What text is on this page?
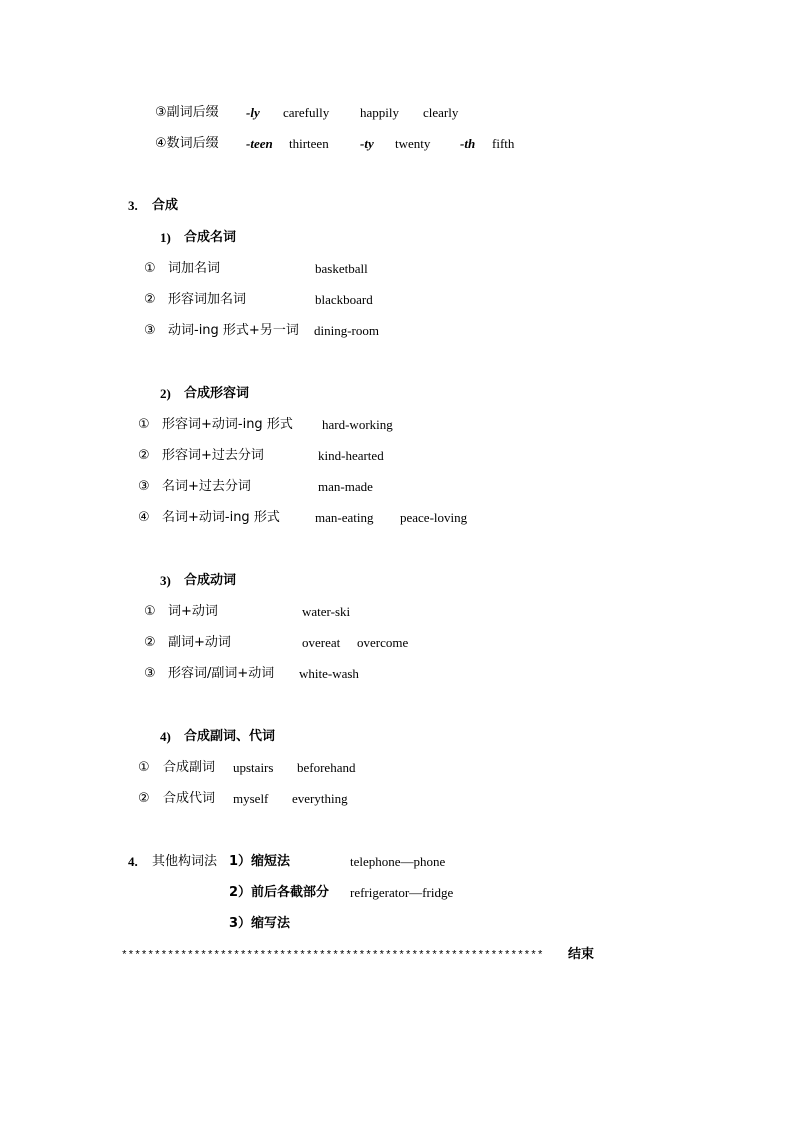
③副词后缀 -ly carefully happily clearly
④数词后缀 -teen thirteen -ty twenty -th fifth
3. 合成
1) 合成名词
① 词加名词	basketball
② 形容词加名词	blackboard
③ 动词-ing 形式+另一词 dining-room
2) 合成形容词
① 形容词+动词-ing 形式 hard-working
② 形容词+过去分词	kind-hearted
③ 名词+过去分词	man-made
④ 名词+动词-ing 形式	man-eating peace-loving
3) 合成动词
① 词+动词	water-ski
② 副词+动词	overeat overcome
③ 形容词/副词+动词 white-wash
4) 合成副词、代词
① 合成副词 upstairs beforehand
② 合成代词 myself everything
4. 其他构词法 1）缩短法	telephone—phone
2）前后各截部分 refrigerator—fridge
3）缩写法
**************************************************************** 结束
